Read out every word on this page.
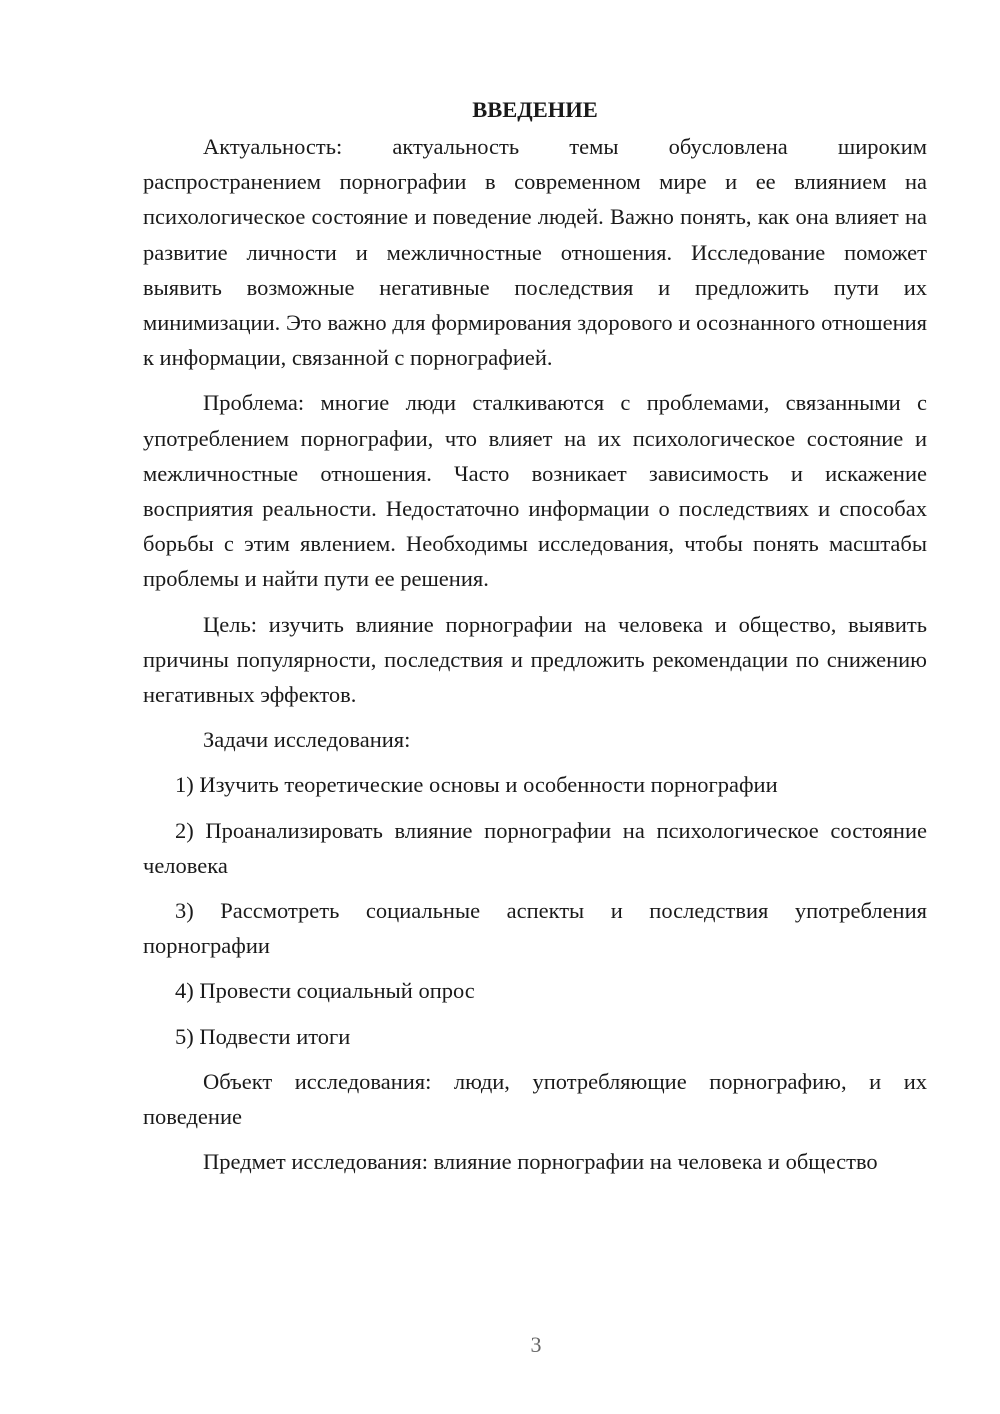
ВВЕДЕНИЕ

Актуальность: актуальность темы обусловлена широким распространением порнографии в современном мире и ее влиянием на психологическое состояние и поведение людей. Важно понять, как она влияет на развитие личности и межличностные отношения. Исследование поможет выявить возможные негативные последствия и предложить пути их минимизации. Это важно для формирования здорового и осознанного отношения к информации, связанной с порнографией.

Проблема: многие люди сталкиваются с проблемами, связанными с употреблением порнографии, что влияет на их психологическое состояние и межличностные отношения. Часто возникает зависимость и искажение восприятия реальности. Недостаточно информации о последствиях и способах борьбы с этим явлением. Необходимы исследования, чтобы понять масштабы проблемы и найти пути ее решения.

Цель: изучить влияние порнографии на человека и общество, выявить причины популярности, последствия и предложить рекомендации по снижению негативных эффектов.

Задачи исследования:

1) Изучить теоретические основы и особенности порнографии

2) Проанализировать влияние порнографии на психологическое состояние человека

3) Рассмотреть социальные аспекты и последствия употребления порнографии

4) Провести социальный опрос

5) Подвести итоги

Объект исследования: люди, употребляющие порнографию, и их поведение

Предмет исследования: влияние порнографии на человека и общество

3
